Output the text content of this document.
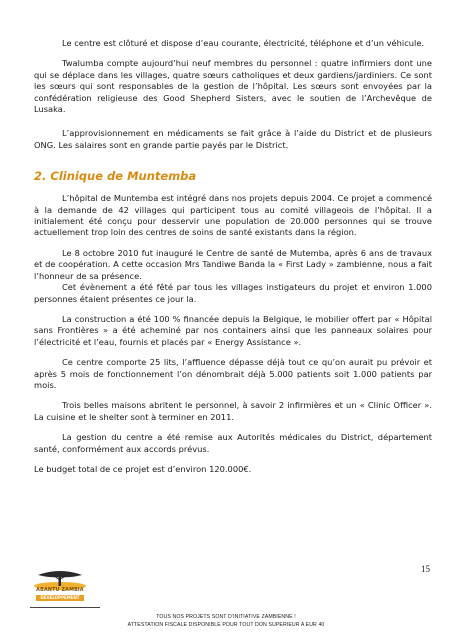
Le centre est clôturé et dispose d’eau courante, électricité, téléphone et d’un véhicule.

Twalumba compte aujourd’hui neuf membres du personnel : quatre infirmiers dont une qui se déplace dans les villages, quatre sœurs catholiques et deux gardiens/jardiniers. Ce sont les sœurs qui sont responsables de la gestion de l’hôpital. Les sœurs sont envoyées par la confédération religieuse des Good Shepherd Sisters, avec le soutien de l’Archevêque de Lusaka.

L’approvisionnement en médicaments se fait grâce à l’aide du District et de plusieurs ONG. Les salaires sont en grande partie payés par le District.

2. Clinique de Muntemba

L’hôpital de Muntemba est intégré dans nos projets depuis 2004. Ce projet a commencé à la demande de 42 villages qui participent tous au comité villageois de l’hôpital. Il a initialement été conçu pour desservir une population de 20.000 personnes qui se trouve actuellement trop loin des centres de soins de santé existants dans la région.

Le 8 octobre 2010 fut inauguré le Centre de santé de Mutemba, après 6 ans de travaux et de coopération. A cette occasion Mrs Tandiwe Banda la « First Lady » zambienne, nous a fait l’honneur de sa présence.

Cet évènement a été fêté par tous les villages instigateurs du projet et environ 1.000 personnes étaient présentes ce jour la.

La construction a été 100 % financée depuis la Belgique, le mobilier offert par « Hôpital sans Frontières » a été acheminé par nos containers ainsi que les panneaux solaires pour l’électricité et l’eau, fournis et placés par « Energy Assistance ».

Ce centre comporte 25 lits, l’affluence dépasse déjà tout ce qu’on aurait pu prévoir et après 5 mois de fonctionnement l’on dénombrait déjà 5.000 patients soit 1.000 patients par mois.

Trois belles maisons abritent le personnel, à savoir 2 infirmières et un « Clinic Officer ». La cuisine et le shelter sont à terminer en 2011.

La gestion du centre a été remise aux Autorités médicales du District, département santé, conformément aux accords prévus.

Le budget total de ce projet est d’environ 120.000€.

15
ABANTU ZAMBIA
DEVELOPPEMENT
TOUS NOS PROJETS SONT D’INITIATIVE ZAMBIENNE !
ATTESTATION FISCALE DISPONIBLE POUR TOUT DON SUPERIEUR A EUR 40
